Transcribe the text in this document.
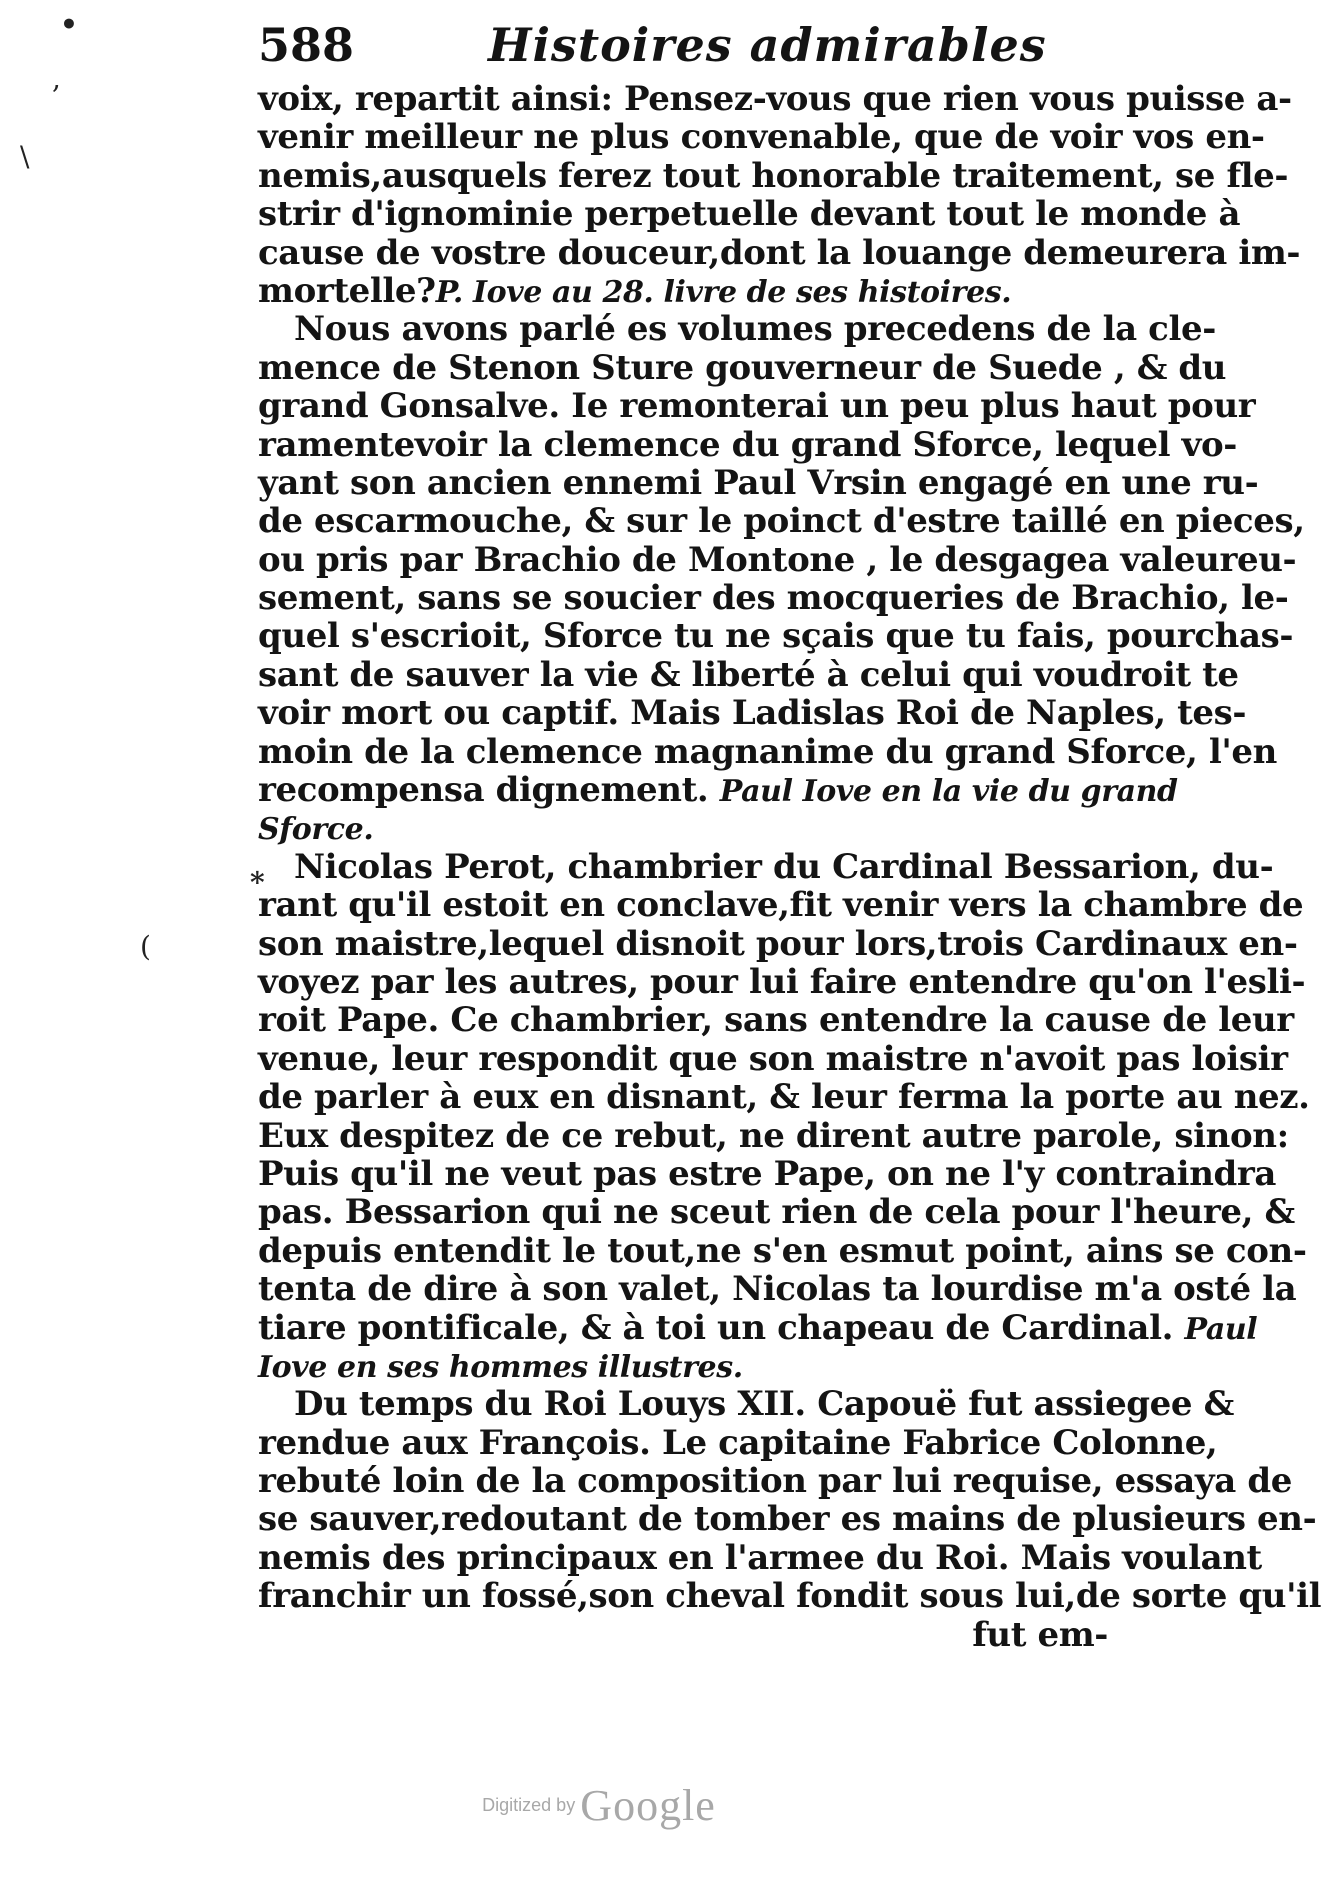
588	Histoires admirables
•
,
\
*
(
voix, repartit ainsi: Pensez-vous que rien vous puisse a-
venir meilleur ne plus convenable, que de voir vos en-
nemis,ausquels ferez tout honorable traitement, se fle-
strir d'ignominie perpetuelle devant tout le monde à
cause de vostre douceur,dont la louange demeurera im-
mortelle?P. Iove au 28. livre de ses histoires.
Nous avons parlé es volumes precedens de la cle-
mence de Stenon Sture gouverneur de Suede , & du
grand Gonsalve. Ie remonterai un peu plus haut pour
ramentevoir la clemence du grand Sforce, lequel vo-
yant son ancien ennemi Paul Vrsin engagé en une ru-
de escarmouche, & sur le poinct d'estre taillé en pieces,
ou pris par Brachio de Montone , le desgagea valeureu-
sement, sans se soucier des mocqueries de Brachio, le-
quel s'escrioit, Sforce tu ne sçais que tu fais, pourchas-
sant de sauver la vie & liberté à celui qui voudroit te
voir mort ou captif. Mais Ladislas Roi de Naples, tes-
moin de la clemence magnanime du grand Sforce, l'en
recompensa dignement. Paul Iove en la vie du grand
Sforce.
Nicolas Perot, chambrier du Cardinal Bessarion, du-
rant qu'il estoit en conclave,fit venir vers la chambre de
son maistre,lequel disnoit pour lors,trois Cardinaux en-
voyez par les autres, pour lui faire entendre qu'on l'esli-
roit Pape. Ce chambrier, sans entendre la cause de leur
venue, leur respondit que son maistre n'avoit pas loisir
de parler à eux en disnant, & leur ferma la porte au nez.
Eux despitez de ce rebut, ne dirent autre parole, sinon:
Puis qu'il ne veut pas estre Pape, on ne l'y contraindra
pas. Bessarion qui ne sceut rien de cela pour l'heure, &
depuis entendit le tout,ne s'en esmut point, ains se con-
tenta de dire à son valet, Nicolas ta lourdise m'a osté la
tiare pontificale, & à toi un chapeau de Cardinal. Paul
Iove en ses hommes illustres.
Du temps du Roi Louys XII. Capouë fut assiegee &
rendue aux François. Le capitaine Fabrice Colonne,
rebuté loin de la composition par lui requise, essaya de
se sauver,redoutant de tomber es mains de plusieurs en-
nemis des principaux en l'armee du Roi. Mais voulant
franchir un fossé,son cheval fondit sous lui,de sorte qu'il
fut em-
Digitized by Google
